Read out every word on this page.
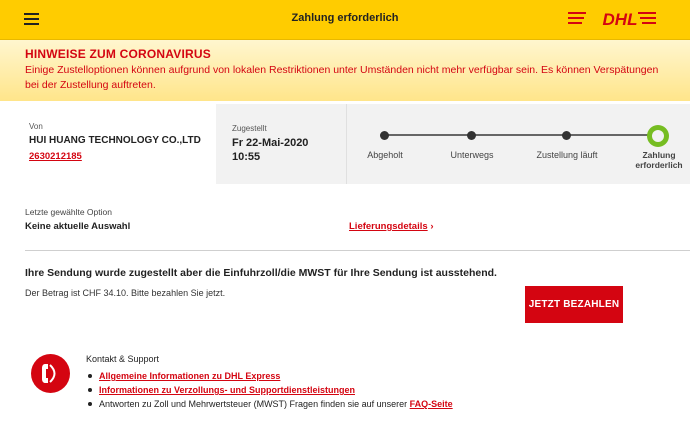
Zahlung erforderlich	DHL
HINWEISE ZUM CORONAVIRUS
Einige Zustelloptionen können aufgrund von lokalen Restriktionen unter Umständen nicht mehr verfügbar sein. Es können Verspätungen bei der Zustellung auftreten.
Von
HUI HUANG TECHNOLOGY CO.,LTD
2630212185
Zugestellt
Fr 22-Mai-2020
10:55	Abgeholt	Unterwegs	Zustellung läuft	Zahlung
erforderlich
Letzte gewählte Option
Keine aktuelle Auswahl	Lieferungsdetails ›
Ihre Sendung wurde zugestellt aber die Einfuhrzoll/die MWST für Ihre Sendung ist ausstehend.
Der Betrag ist CHF 34.10. Bitte bezahlen Sie jetzt.
JETZT BEZAHLEN
Kontakt & Support
Allgemeine Informationen zu DHL Express
Informationen zu Verzollungs- und Supportdienstleistungen
Antworten zu Zoll und Mehrwertsteuer (MWST) Fragen finden sie auf unserer FAQ-Seite
